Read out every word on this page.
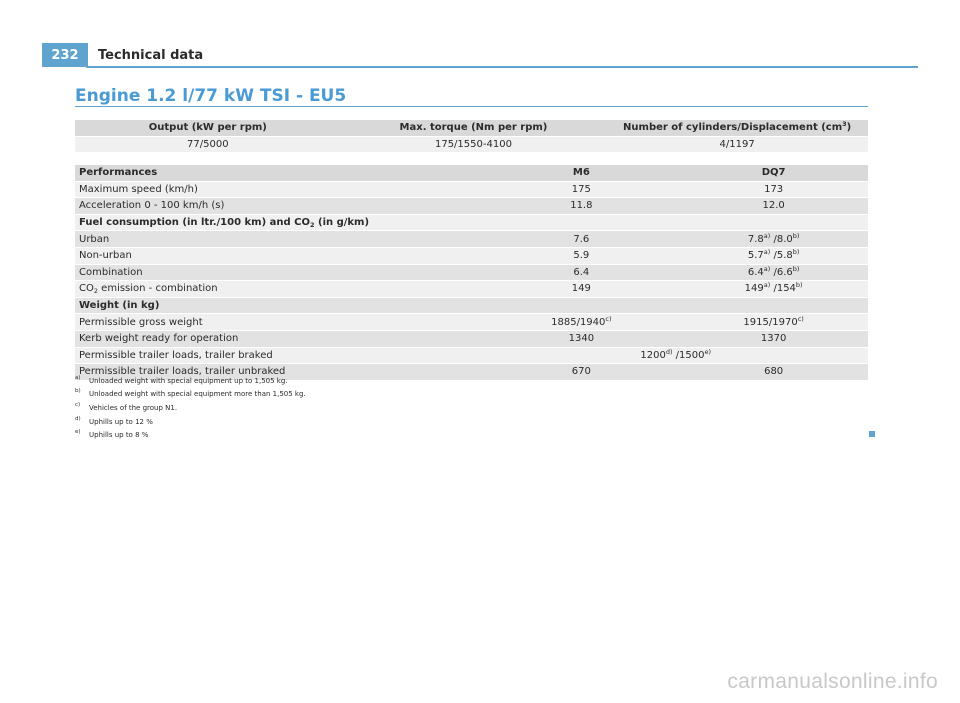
232	Technical data
Engine 1.2 l/77 kW TSI - EU5
Output (kW per rpm)	Max. torque (Nm per rpm)	Number of cylinders/Displacement $(cm^3)$
77/5000	175/1550-4100	4/1197
Performances	M6	DQ7
Maximum speed (km/h)	175	173
Acceleration 0 - 100 km/h (s)	11.8	12.0
Fuel consumption (in ltr./100 km) and $CO_2$ (in g/km)		
Urban	7.6	7.8$^{a)}$ /8.0$^{b)}$
Non-urban	5.9	5.7$^{a)}$ /5.8$^{b)}$
Combination	6.4	6.4$^{a)}$ /6.6$^{b)}$
$CO_2$ emission - combination	149	149$^{a)}$ /154$^{b)}$
Weight (in kg)		
Permissible gross weight	1885/1940$^{c)}$	1915/1970$^{c)}$
Kerb weight ready for operation	1340	1370
Permissible trailer loads, trailer braked	1200$^{d)}$ /1500$^{e)}$
Permissible trailer loads, trailer unbraked	670	680
a)	Unloaded weight with special equipment up to 1,505 kg.
b)	Unloaded weight with special equipment more than 1,505 kg.
c)	Vehicles of the group N1.
d)	Uphills up to 12 %
e)	Uphills up to 8 %
carmanualsonline.info
